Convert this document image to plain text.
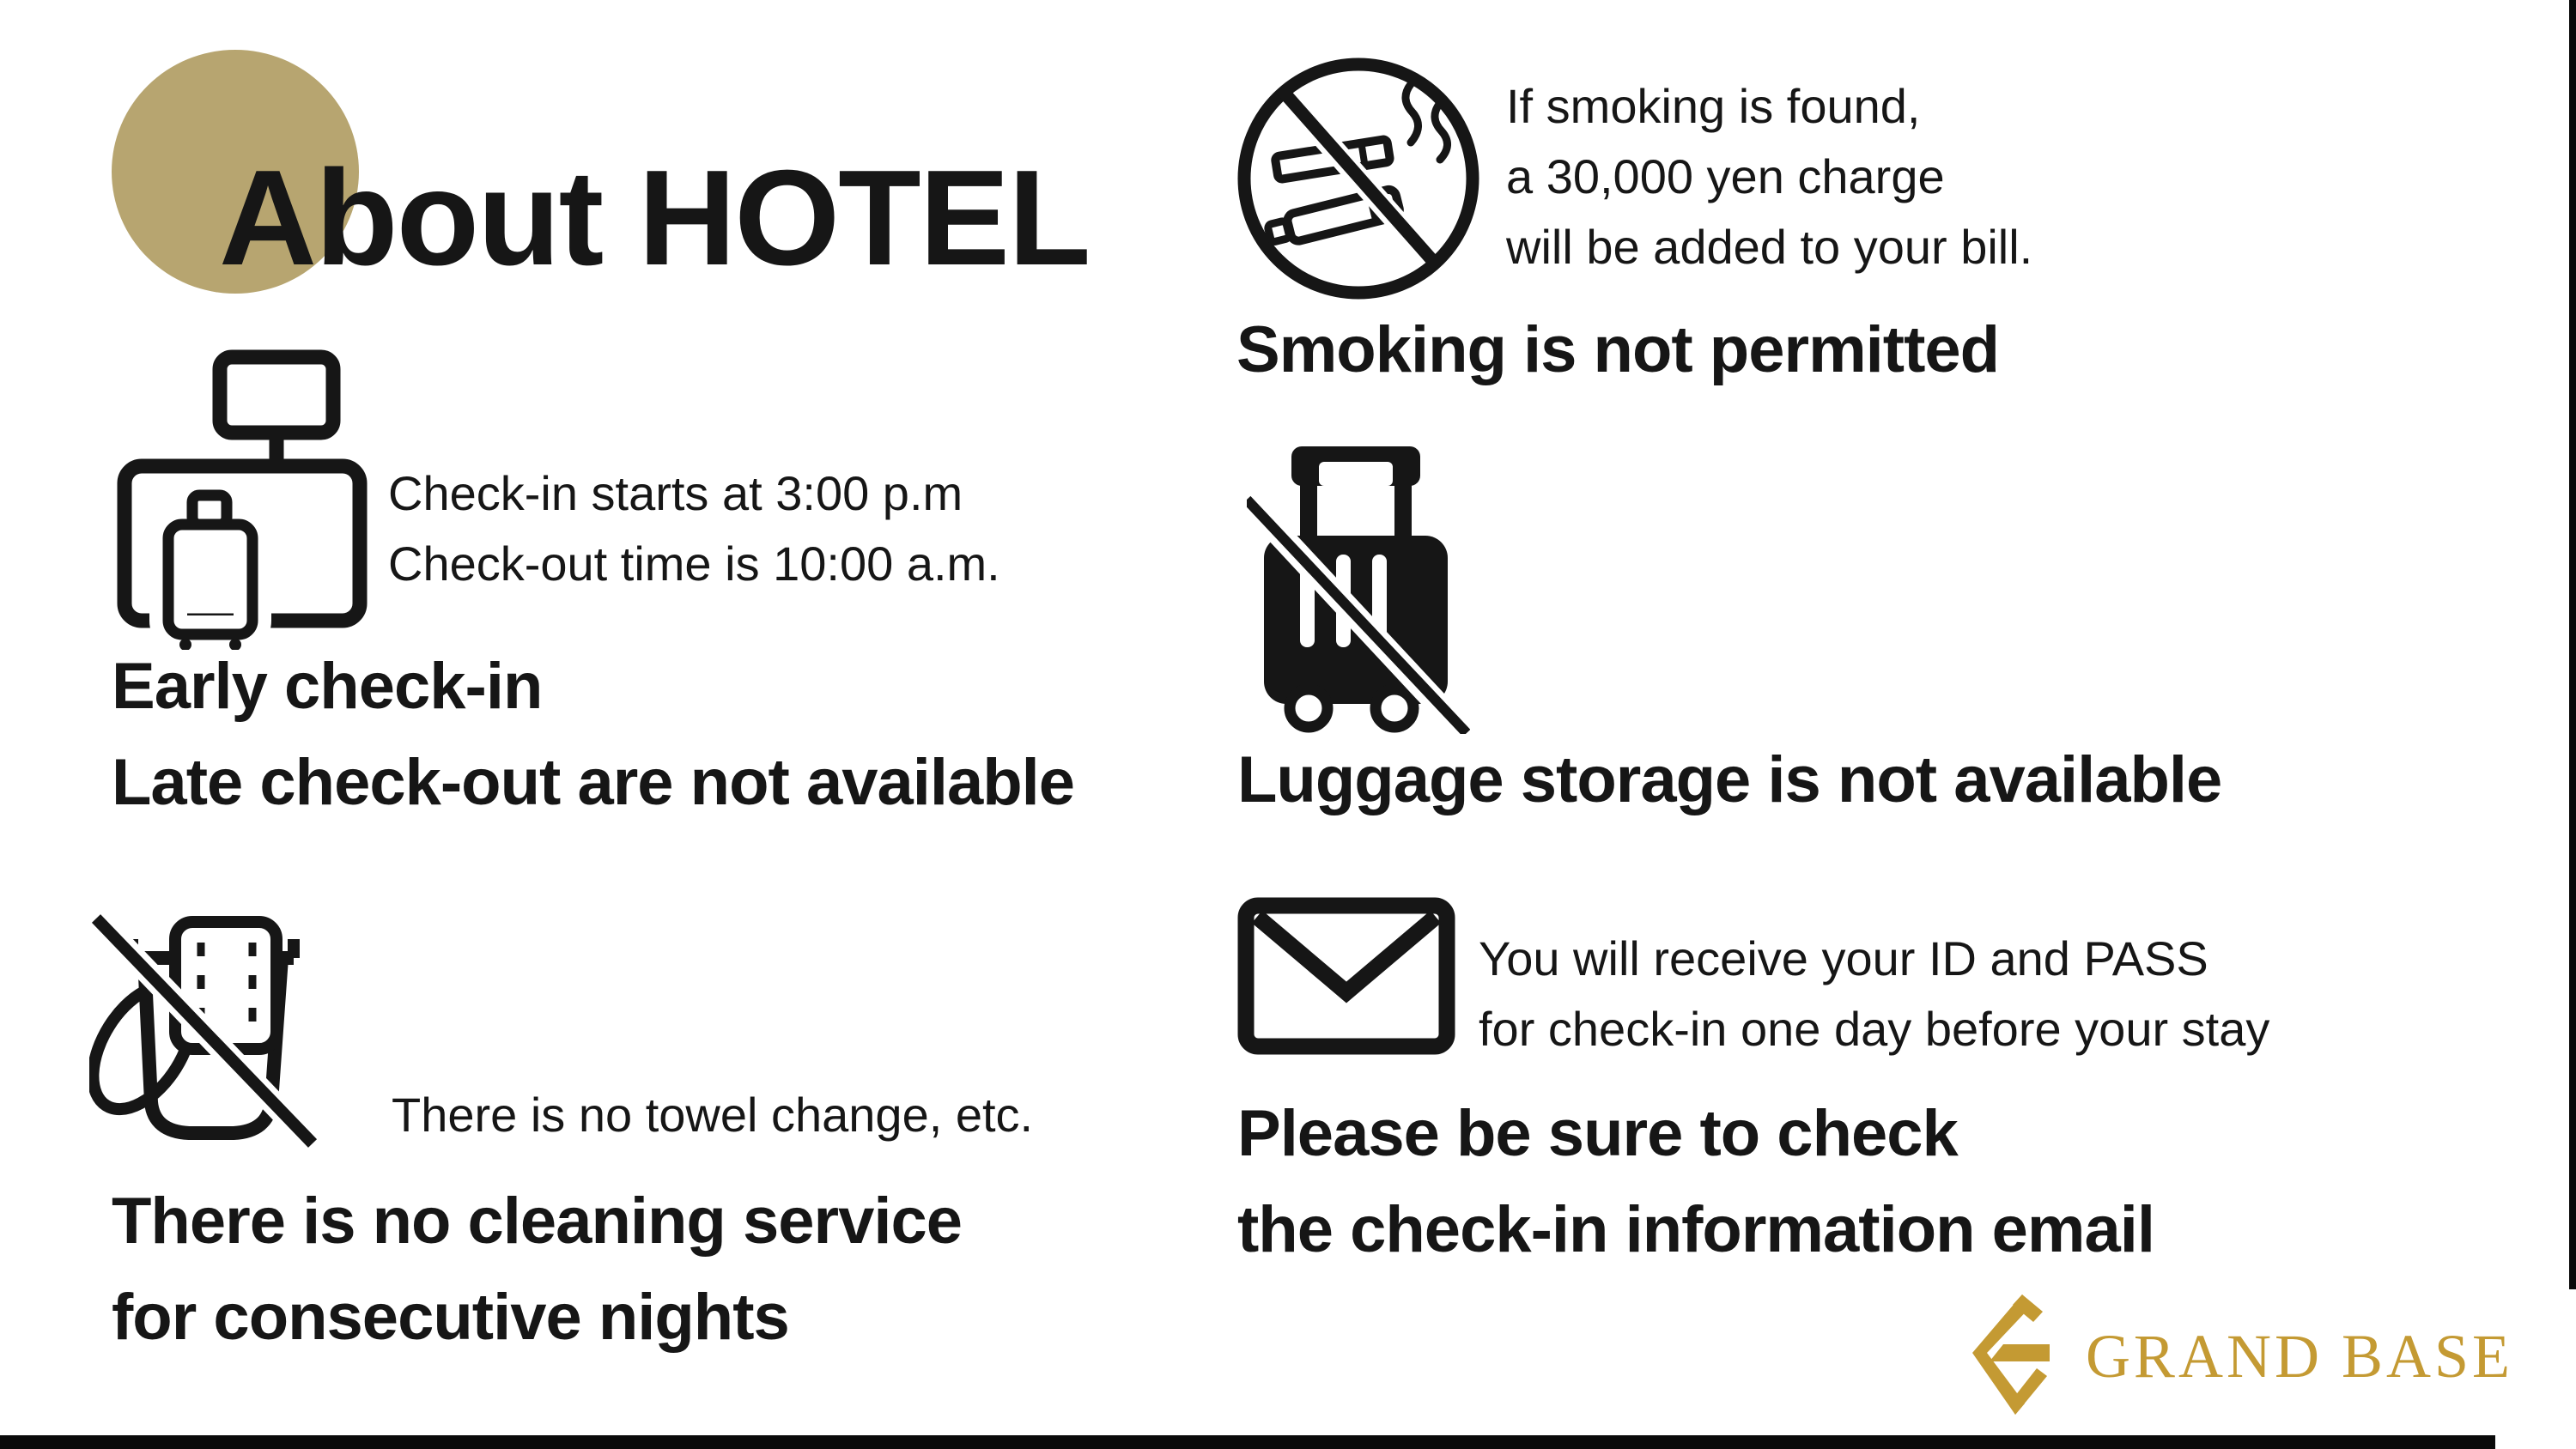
About HOTEL
Check-in starts at 3:00 p.m
Check-out time is 10:00 a.m.
Early check-in
Late check-out are not available
If smoking is found,
a 30,000 yen charge
will be added to your bill.
Smoking is not permitted
Luggage storage is not available
There is no towel change, etc.
There is no cleaning service
for consecutive nights
You will receive your ID and PASS
for check-in one day before your stay
Please be sure to check
the check-in information email
GRAND BASE
